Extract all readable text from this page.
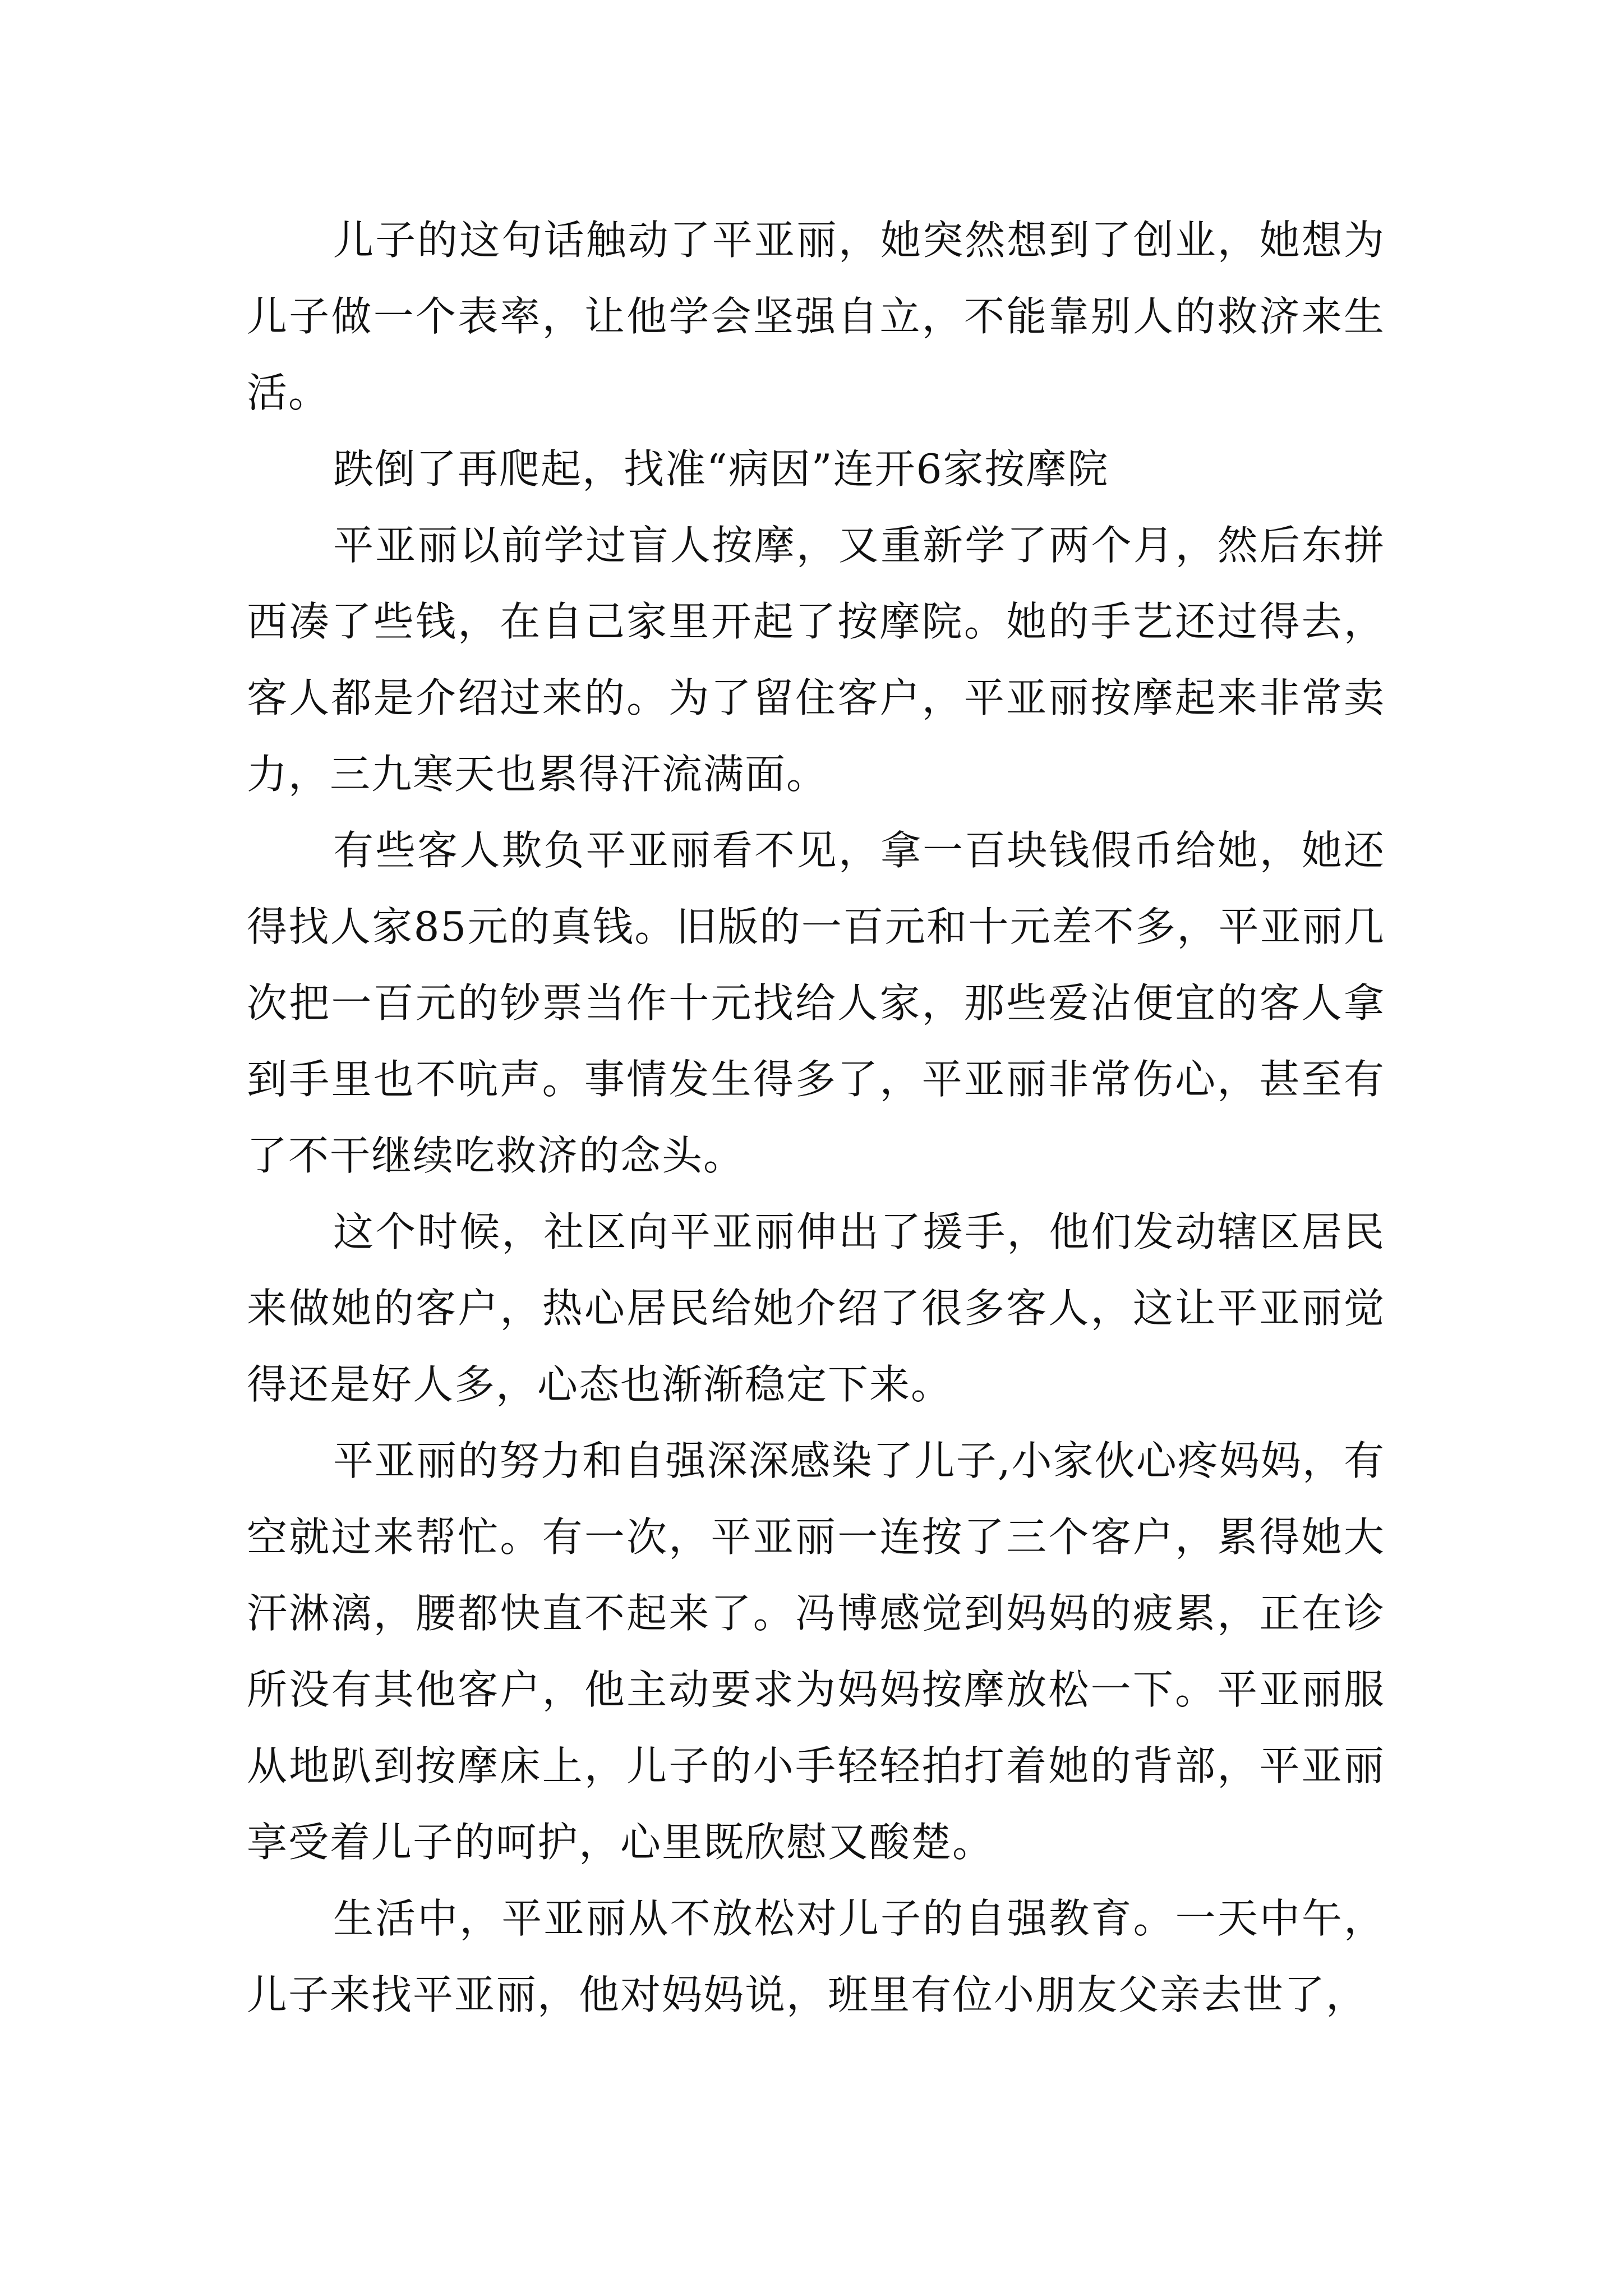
儿子的这句话触动了平亚丽，她突然想到了创业，她想为儿子做一个表率，让他学会坚强自立，不能靠别人的救济来生活。

跌倒了再爬起，找准“病因”连开6家按摩院

平亚丽以前学过盲人按摩，又重新学了两个月，然后东拼西凑了些钱，在自己家里开起了按摩院。她的手艺还过得去，客人都是介绍过来的。为了留住客户，平亚丽按摩起来非常卖力，三九寒天也累得汗流满面。

有些客人欺负平亚丽看不见，拿一百块钱假币给她，她还得找人家85元的真钱。旧版的一百元和十元差不多，平亚丽几次把一百元的钞票当作十元找给人家，那些爱沾便宜的客人拿到手里也不吭声。事情发生得多了，平亚丽非常伤心，甚至有了不干继续吃救济的念头。

这个时候，社区向平亚丽伸出了援手，他们发动辖区居民来做她的客户，热心居民给她介绍了很多客人，这让平亚丽觉得还是好人多，心态也渐渐稳定下来。

平亚丽的努力和自强深深感染了儿子,小家伙心疼妈妈，有空就过来帮忙。有一次，平亚丽一连按了三个客户，累得她大汗淋漓，腰都快直不起来了。冯博感觉到妈妈的疲累，正在诊所没有其他客户，他主动要求为妈妈按摩放松一下。平亚丽服从地趴到按摩床上，儿子的小手轻轻拍打着她的背部，平亚丽享受着儿子的呵护，心里既欣慰又酸楚。

生活中，平亚丽从不放松对儿子的自强教育。一天中午，儿子来找平亚丽，他对妈妈说，班里有位小朋友父亲去世了，
